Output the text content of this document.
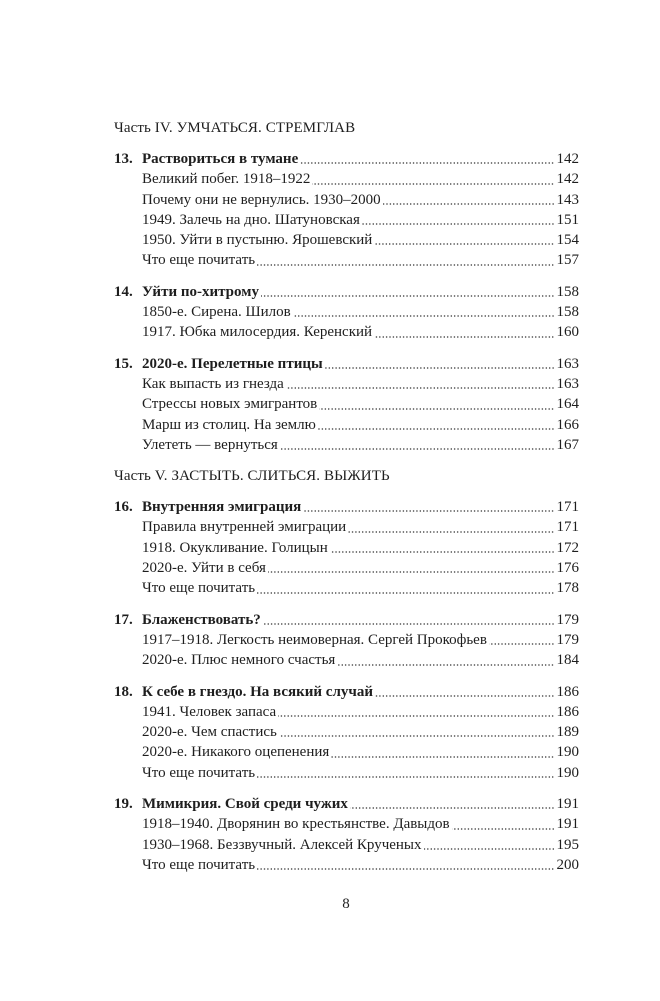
Часть IV. УМЧАТЬСЯ. СТРЕМГЛАВ
13. Раствориться в тумане	142
Великий побег. 1918–1922	142
Почему они не вернулись. 1930–2000	143
1949. Залечь на дно. Шатуновская	151
1950. Уйти в пустыню. Ярошевский	154
Что еще почитать	157
14. Уйти по-хитрому	158
1850-е. Сирена. Шилов	158
1917. Юбка милосердия. Керенский	160
15. 2020-е. Перелетные птицы	163
Как выпасть из гнезда	163
Стрессы новых эмигрантов	164
Марш из столиц. На землю	166
Улететь — вернуться	167
Часть V. ЗАСТЫТЬ. СЛИТЬСЯ. ВЫЖИТЬ
16. Внутренняя эмиграция	171
Правила внутренней эмиграции	171
1918. Окукливание. Голицын	172
2020-е. Уйти в себя	176
Что еще почитать	178
17. Блаженствовать?	179
1917–1918. Легкость неимоверная. Сергей Прокофьев	179
2020-е. Плюс немного счастья	184
18. К себе в гнездо. На всякий случай	186
1941. Человек запаса	186
2020-е. Чем спастись	189
2020-е. Никакого оцепенения	190
Что еще почитать	190
19. Мимикрия. Свой среди чужих	191
1918–1940. Дворянин во крестьянстве. Давыдов	191
1930–1968. Беззвучный. Алексей Крученых	195
Что еще почитать	200
8
